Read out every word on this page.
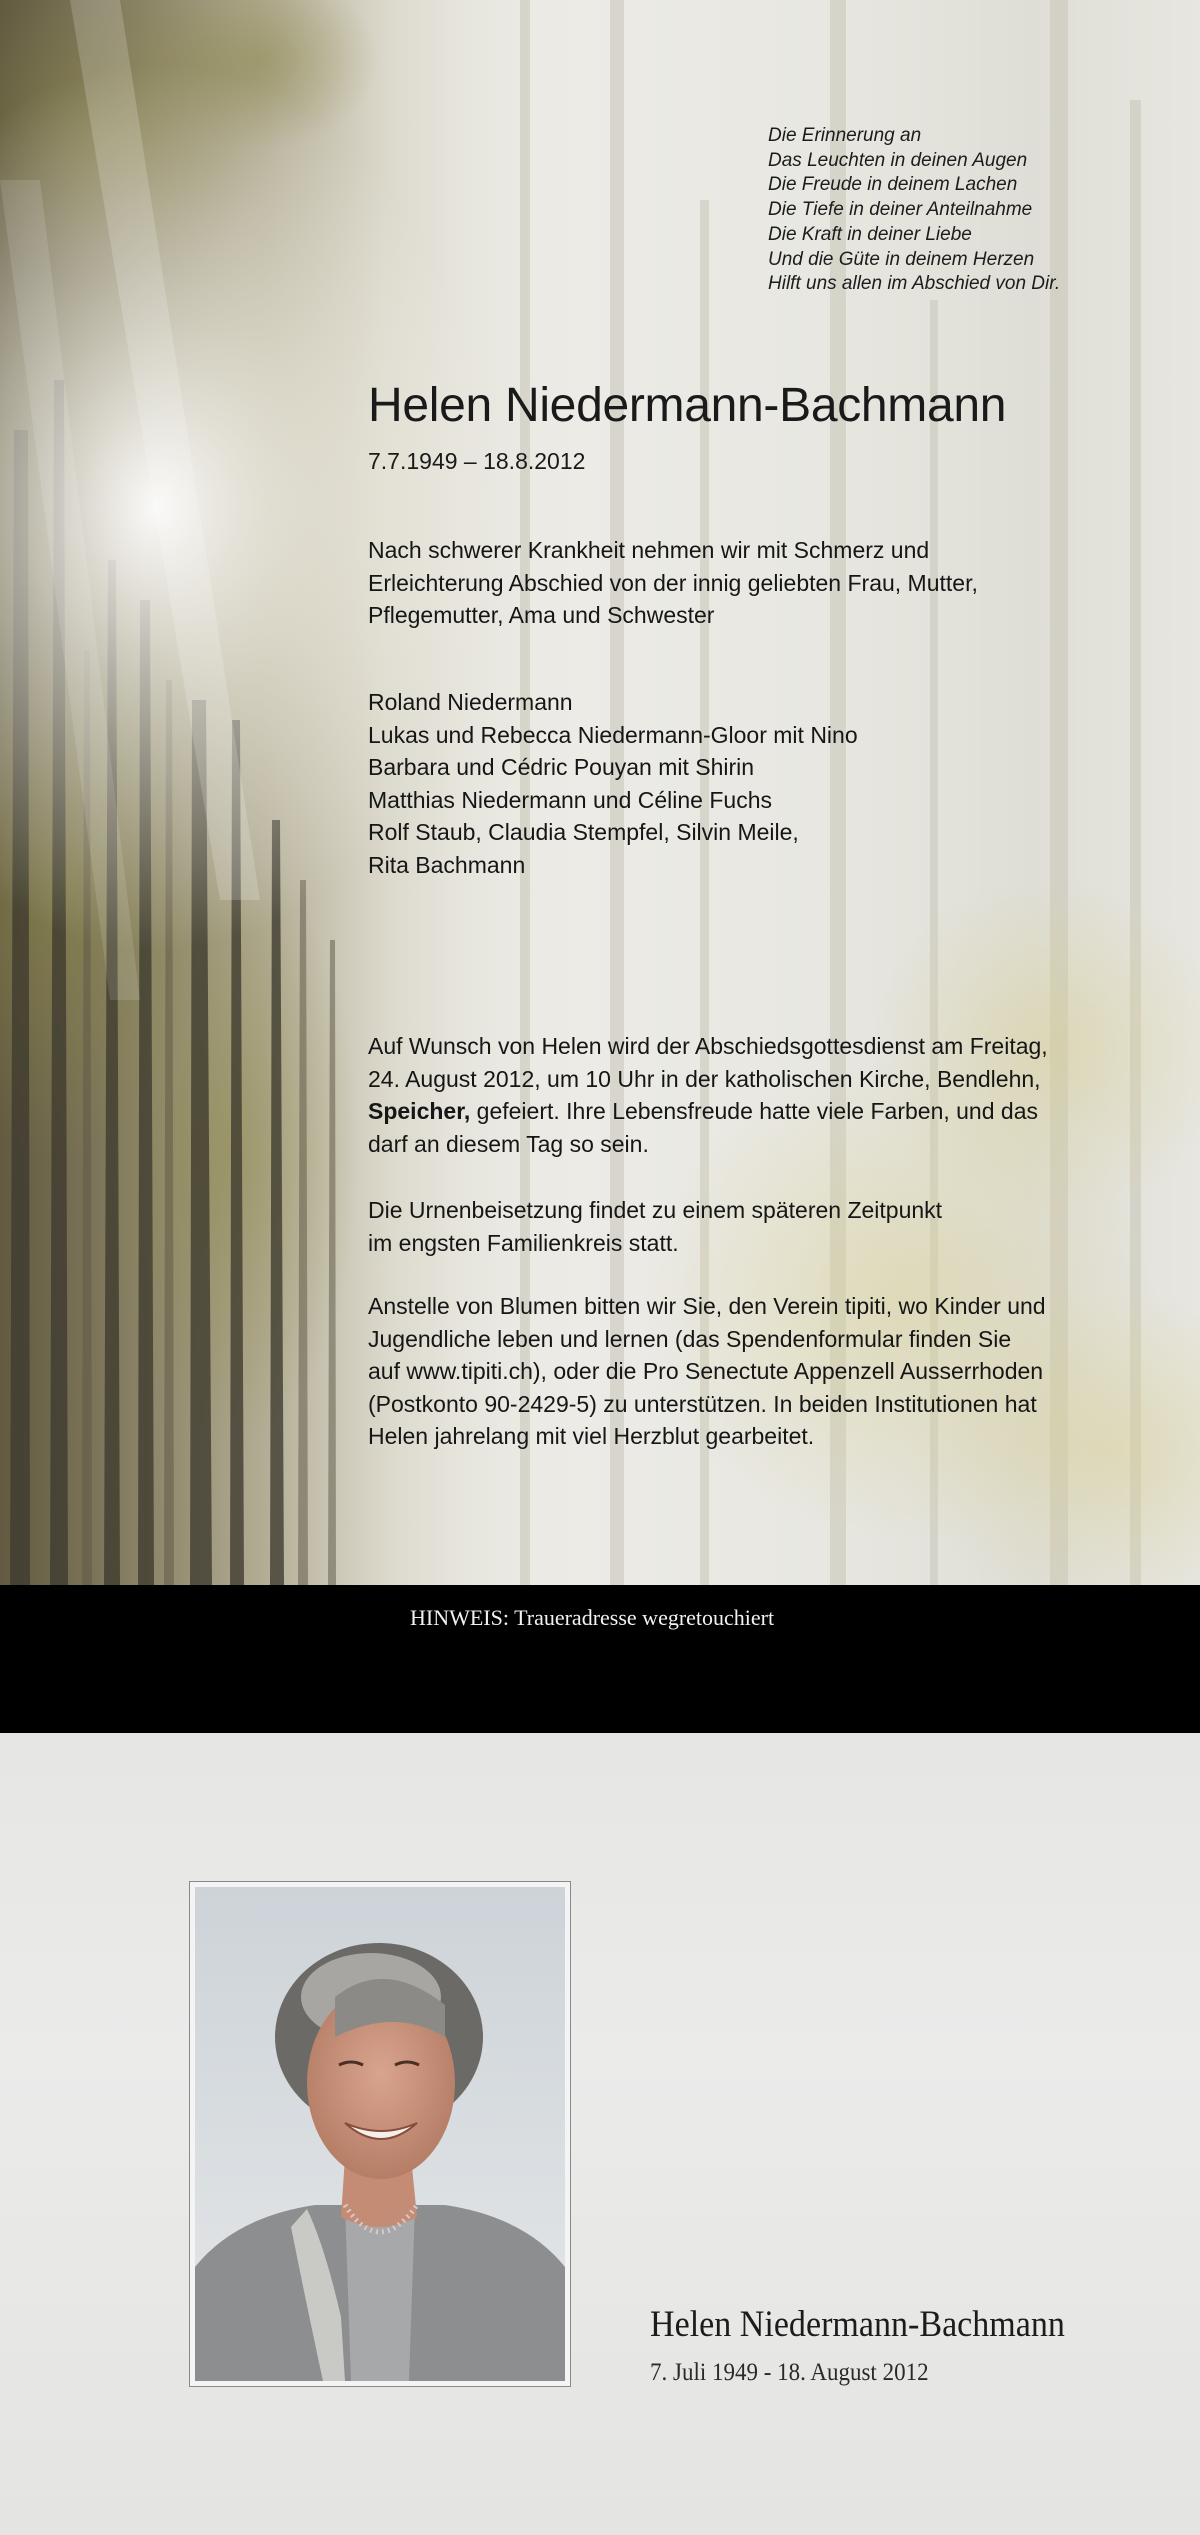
Die Erinnerung an
Das Leuchten in deinen Augen
Die Freude in deinem Lachen
Die Tiefe in deiner Anteilnahme
Die Kraft in deiner Liebe
Und die Güte in deinem Herzen
Hilft uns allen im Abschied von Dir.
Helen Niedermann-Bachmann
7.7.1949 – 18.8.2012
Nach schwerer Krankheit nehmen wir mit Schmerz und
Erleichterung Abschied von der innig geliebten Frau, Mutter,
Pflegemutter, Ama und Schwester
Roland Niedermann
Lukas und Rebecca Niedermann-Gloor mit Nino
Barbara und Cédric Pouyan mit Shirin
Matthias Niedermann und Céline Fuchs
Rolf Staub, Claudia Stempfel, Silvin Meile,
Rita Bachmann
Auf Wunsch von Helen wird der Abschiedsgottesdienst am Freitag,
24. August 2012, um 10 Uhr in der katholischen Kirche, Bendlehn,
Speicher, gefeiert. Ihre Lebensfreude hatte viele Farben, und das
darf an diesem Tag so sein.
Die Urnenbeisetzung findet zu einem späteren Zeitpunkt
im engsten Familienkreis statt.
Anstelle von Blumen bitten wir Sie, den Verein tipiti, wo Kinder und
Jugendliche leben und lernen (das Spendenformular finden Sie
auf www.tipiti.ch), oder die Pro Senectute Appenzell Ausserrhoden
(Postkonto 90-2429-5) zu unterstützen. In beiden Institutionen hat
Helen jahrelang mit viel Herzblut gearbeitet.
HINWEIS: Traueradresse wegretouchiert
Helen Niedermann-Bachmann
7. Juli 1949 - 18. August 2012
